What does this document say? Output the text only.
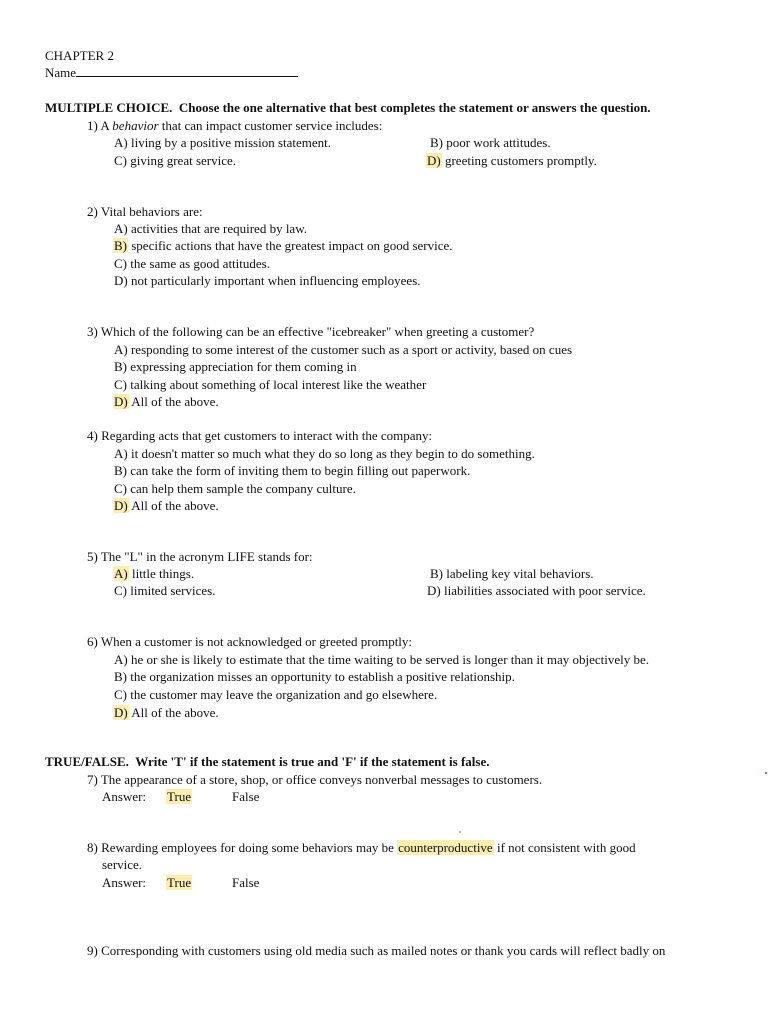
CHAPTER 2
Name
MULTIPLE CHOICE. Choose the one alternative that best completes the statement or answers the question.
1) A behavior that can impact customer service includes:
A) living by a positive mission statement.	B) poor work attitudes.
C) giving great service.	D) greeting customers promptly.
2) Vital behaviors are:
A) activities that are required by law.
B) specific actions that have the greatest impact on good service.
C) the same as good attitudes.
D) not particularly important when influencing employees.
3) Which of the following can be an effective "icebreaker" when greeting a customer?
A) responding to some interest of the customer such as a sport or activity, based on cues
B) expressing appreciation for them coming in
C) talking about something of local interest like the weather
D) All of the above.
4) Regarding acts that get customers to interact with the company:
A) it doesn't matter so much what they do so long as they begin to do something.
B) can take the form of inviting them to begin filling out paperwork.
C) can help them sample the company culture.
D) All of the above.
5) The "L" in the acronym LIFE stands for:
A) little things.	B) labeling key vital behaviors.
C) limited services.	D) liabilities associated with poor service.
6) When a customer is not acknowledged or greeted promptly:
A) he or she is likely to estimate that the time waiting to be served is longer than it may objectively be.
B) the organization misses an opportunity to establish a positive relationship.
C) the customer may leave the organization and go elsewhere.
D) All of the above.
TRUE/FALSE. Write 'T' if the statement is true and 'F' if the statement is false.
7) The appearance of a store, shop, or office conveys nonverbal messages to customers.
Answer: True	False
8) Rewarding employees for doing some behaviors may be counterproductive if not consistent with good
service.
Answer: True	False
9) Corresponding with customers using old media such as mailed notes or thank you cards will reflect badly on
